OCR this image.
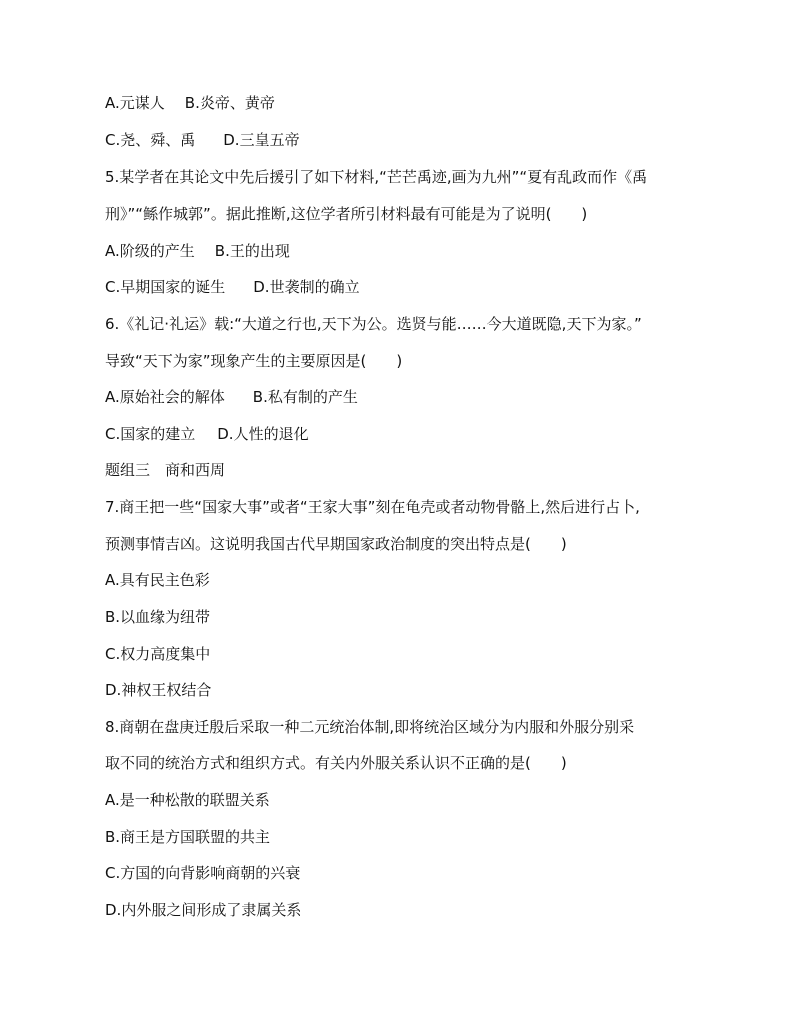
A.元谋人 B.炎帝、黄帝
C.尧、舜、禹 D.三皇五帝
5.某学者在其论文中先后援引了如下材料,“芒芒禹迹,画为九州”“夏有乱政而作《禹
刑》”“鲧作城郭”。据此推断,这位学者所引材料最有可能是为了说明(　　)
A.阶级的产生 B.王的出现
C.早期国家的诞生 D.世袭制的确立
6.《礼记·礼运》载:“大道之行也,天下为公。选贤与能……今大道既隐,天下为家。”
导致“天下为家”现象产生的主要原因是(　　)
A.原始社会的解体 B.私有制的产生
C.国家的建立 D.人性的退化
题组三　商和西周
7.商王把一些“国家大事”或者“王家大事”刻在龟壳或者动物骨骼上,然后进行占卜,
预测事情吉凶。这说明我国古代早期国家政治制度的突出特点是(　　)
A.具有民主色彩
B.以血缘为纽带
C.权力高度集中
D.神权王权结合
8.商朝在盘庚迁殷后采取一种二元统治体制,即将统治区域分为内服和外服分别采
取不同的统治方式和组织方式。有关内外服关系认识不正确的是(　　)
A.是一种松散的联盟关系
B.商王是方国联盟的共主
C.方国的向背影响商朝的兴衰
D.内外服之间形成了隶属关系
